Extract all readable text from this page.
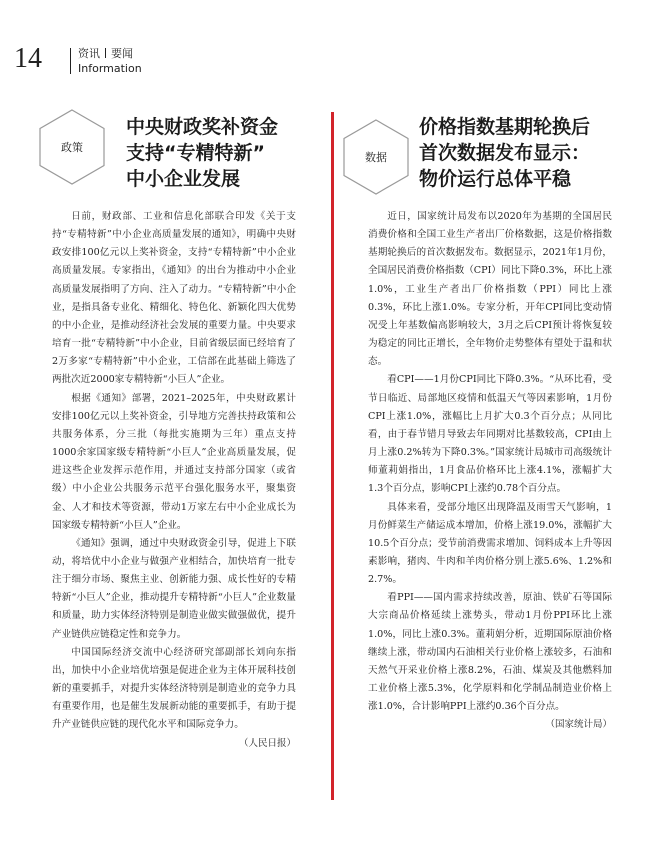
14	资讯 要闻
Information
政策
中央财政奖补资金
支持“专精特新”
中小企业发展
数据
价格指数基期轮换后
首次数据发布显示：
物价运行总体平稳

日前，财政部、工业和信息化部联合印发《关于支持“专精特新”中小企业高质量发展的通知》，明确中央财政安排100亿元以上奖补资金，支持“专精特新”中小企业高质量发展。专家指出，《通知》的出台为推动中小企业高质量发展指明了方向、注入了动力。“专精特新”中小企业，是指具备专业化、精细化、特色化、新颖化四大优势的中小企业，是推动经济社会发展的重要力量。中央要求培育一批“专精特新”中小企业，目前省级层面已经培育了2万多家“专精特新”中小企业，工信部在此基础上筛选了两批次近2000家专精特新“小巨人”企业。

根据《通知》部署，2021–2025年，中央财政累计安排100亿元以上奖补资金，引导地方完善扶持政策和公共服务体系，分三批（每批实施期为三年）重点支持1000余家国家级专精特新“小巨人”企业高质量发展，促进这些企业发挥示范作用，并通过支持部分国家（或省级）中小企业公共服务示范平台强化服务水平，聚集资金、人才和技术等资源，带动1万家左右中小企业成长为国家级专精特新“小巨人”企业。

《通知》强调，通过中央财政资金引导，促进上下联动，将培优中小企业与做强产业相结合，加快培育一批专注于细分市场、聚焦主业、创新能力强、成长性好的专精特新“小巨人”企业，推动提升专精特新“小巨人”企业数量和质量，助力实体经济特别是制造业做实做强做优，提升产业链供应链稳定性和竞争力。

中国国际经济交流中心经济研究部副部长刘向东指出，加快中小企业培优培强是促进企业为主体开展科技创新的重要抓手，对提升实体经济特别是制造业的竞争力具有重要作用，也是催生发展新动能的重要抓手，有助于提升产业链供应链的现代化水平和国际竞争力。

（人民日报）

近日，国家统计局发布以2020年为基期的全国居民消费价格和全国工业生产者出厂价格数据，这是价格指数基期轮换后的首次数据发布。数据显示，2021年1月份，全国居民消费价格指数（CPI）同比下降0.3%，环比上涨1.0%，工业生产者出厂价格指数（PPI）同比上涨0.3%，环比上涨1.0%。专家分析，开年CPI同比变动情况受上年基数偏高影响较大，3月之后CPI预计将恢复较为稳定的同比正增长，全年物价走势整体有望处于温和状态。

看CPI——1月份CPI同比下降0.3%。“从环比看，受节日临近、局部地区疫情和低温天气等因素影响，1月份CPI上涨1.0%，涨幅比上月扩大0.3个百分点；从同比看，由于春节错月导致去年同期对比基数较高，CPI由上月上涨0.2%转为下降0.3%。”国家统计局城市司高级统计师董莉娟指出，1月食品价格环比上涨4.1%，涨幅扩大1.3个百分点，影响CPI上涨约0.78个百分点。

具体来看，受部分地区出现降温及雨雪天气影响，1月份鲜菜生产储运成本增加，价格上涨19.0%，涨幅扩大10.5个百分点；受节前消费需求增加、饲料成本上升等因素影响，猪肉、牛肉和羊肉价格分别上涨5.6%、1.2%和2.7%。

看PPI——国内需求持续改善，原油、铁矿石等国际大宗商品价格延续上涨势头，带动1月份PPI环比上涨1.0%，同比上涨0.3%。董莉娟分析，近期国际原油价格继续上涨，带动国内石油相关行业价格上涨较多，石油和天然气开采业价格上涨8.2%，石油、煤炭及其他燃料加工业价格上涨5.3%，化学原料和化学制品制造业价格上涨1.0%，合计影响PPI上涨约0.36个百分点。

（国家统计局）
